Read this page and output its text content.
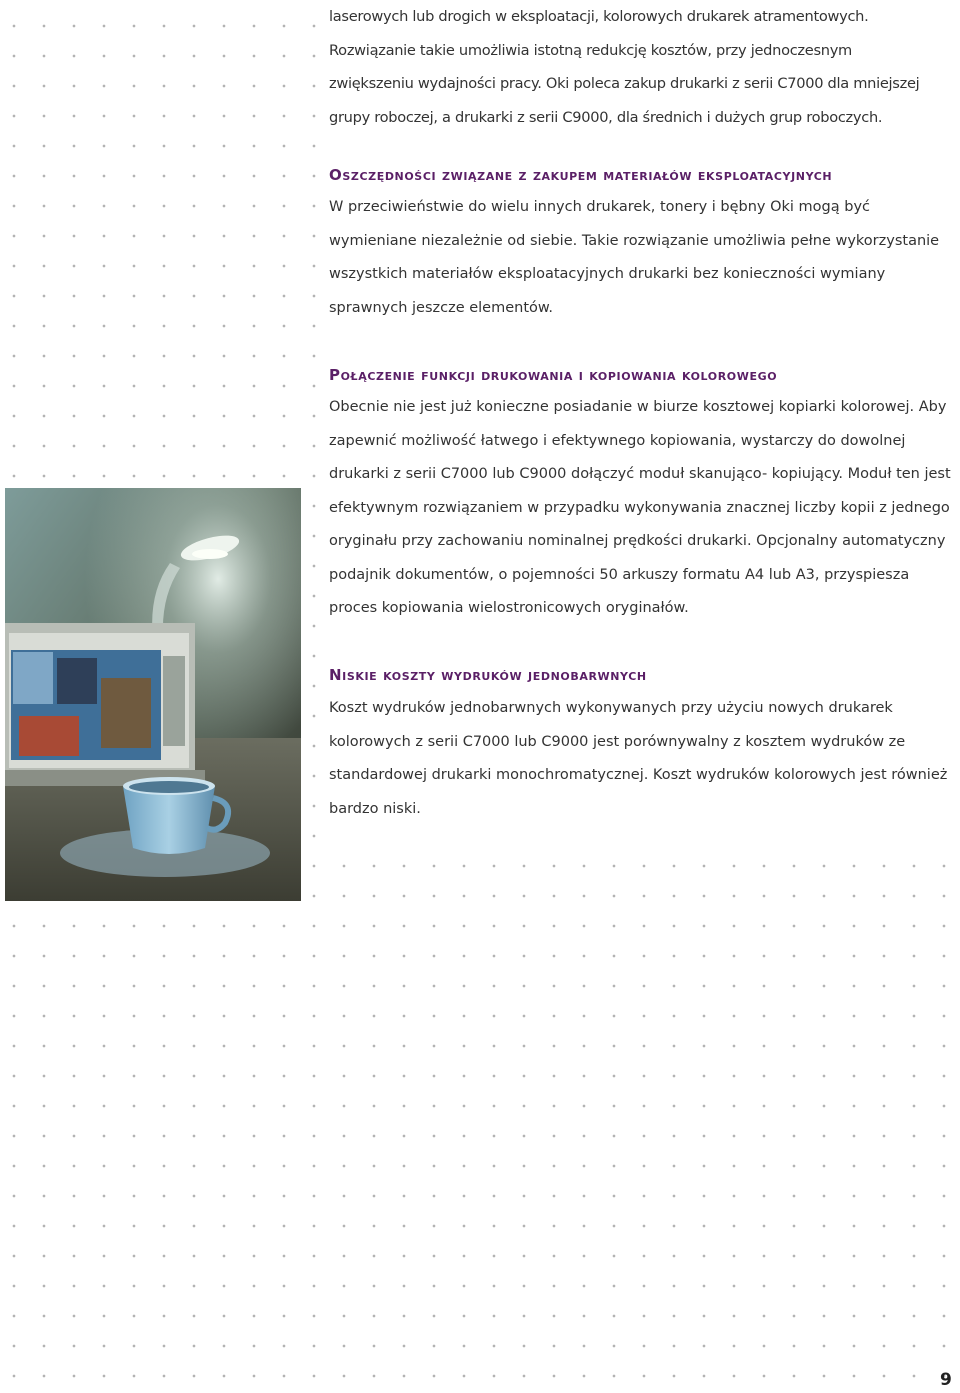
laserowych lub drogich w eksploatacji, kolorowych drukarek atramentowych.
Rozwiązanie takie umożliwia istotną redukcję kosztów, przy jednoczesnym
zwiększeniu wydajności pracy. Oki poleca zakup drukarki z serii C7000 dla mniejszej
grupy roboczej, a drukarki z serii C9000, dla średnich i dużych grup roboczych.
Oszczędności związane z zakupem materiałów eksploatacyjnych

W przeciwieństwie do wielu innych drukarek, tonery i bębny Oki mogą być wymieniane niezależnie od siebie. Takie rozwiązanie umożliwia pełne wykorzystanie wszystkich materiałów eksploatacyjnych drukarki bez konieczności wymiany sprawnych jeszcze elementów.

Połączenie funkcji drukowania i kopiowania kolorowego

Obecnie nie jest już konieczne posiadanie w biurze kosztowej kopiarki kolorowej. Aby zapewnić możliwość łatwego i efektywnego kopiowania, wystarczy do dowolnej drukarki z serii C7000 lub C9000 dołączyć moduł skanująco- kopiujący. Moduł ten jest efektywnym rozwiązaniem w przypadku wykonywania znacznej liczby kopii z jednego oryginału przy zachowaniu nominalnej prędkości drukarki. Opcjonalny automatyczny podajnik dokumentów, o pojemności 50 arkuszy formatu A4 lub A3, przyspiesza proces kopiowania wielostronicowych oryginałów.

Niskie koszty wydruków jednobarwnych

Koszt wydruków jednobarwnych wykonywanych przy użyciu nowych drukarek kolorowych z serii C7000 lub C9000 jest porównywalny z kosztem wydruków ze standardowej drukarki monochromatycznej. Koszt wydruków kolorowych jest również bardzo niski.

9
